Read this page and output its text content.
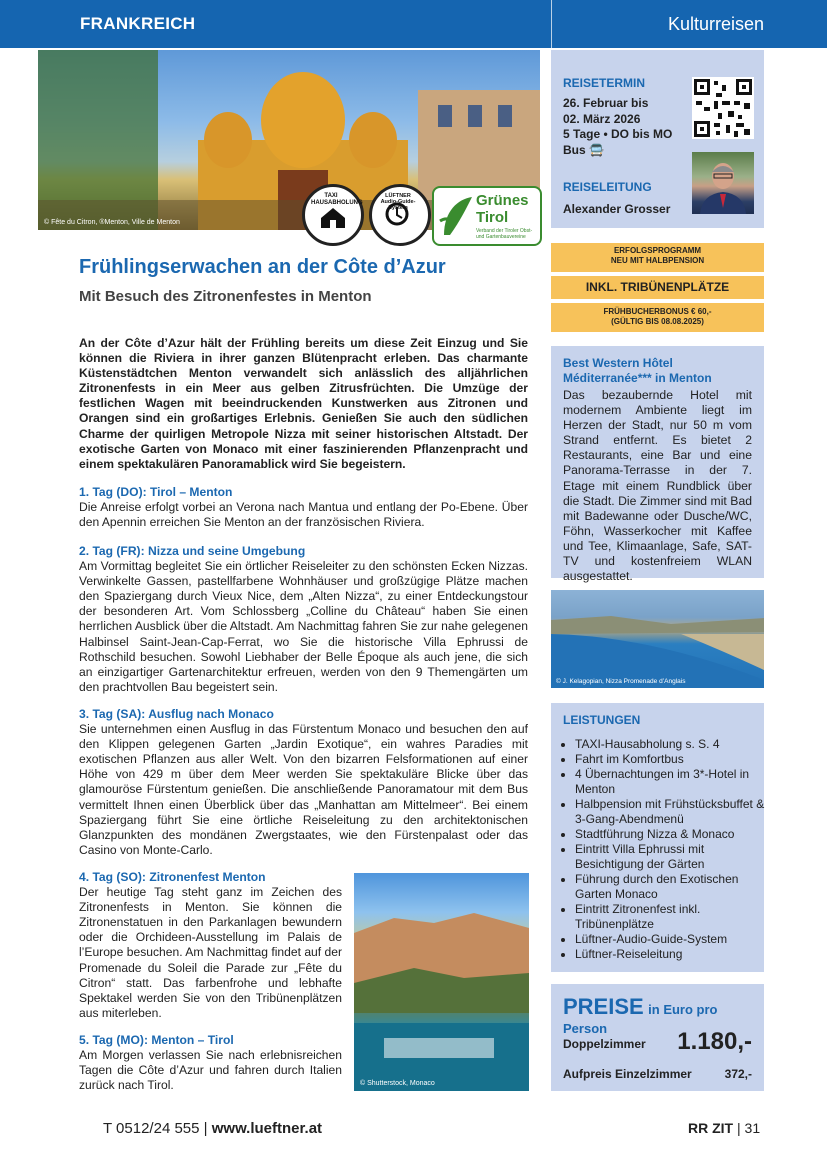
FRANKREICH	Kulturreisen
© Fête du Citron, ®Menton, Ville de Menton
TAXI HAUSABHOLUNG
LÜFTNER Audio-Guide-System	Grünes
Tirol
Verband der Tiroler Obst- und Gartenbauvereine
Frühlingserwachen an der Côte d’Azur
Mit Besuch des Zitronenfestes in Menton
An der Côte d’Azur hält der Frühling bereits um diese Zeit Einzug und Sie können die Riviera in ihrer ganzen Blütenpracht erleben. Das charmante Küstenstädtchen Menton verwandelt sich anlässlich des alljährlichen Zitronenfests in ein Meer aus gelben Zitrusfrüchten. Die Umzüge der festlichen Wagen mit beeindruckenden Kunstwerken aus Zitronen und Orangen sind ein großartiges Erlebnis. Genießen Sie auch den südlichen Charme der quirligen Metropole Nizza mit seiner historischen Altstadt. Der exotische Garten von Monaco mit einer faszinierenden Pflanzenpracht und einem spektakulären Panoramablick wird Sie begeistern.
1. Tag (DO): Tirol – Menton
Die Anreise erfolgt vorbei an Verona nach Mantua und entlang der Po-Ebene. Über den Apennin erreichen Sie Menton an der französischen Riviera.
2. Tag (FR): Nizza und seine Umgebung
Am Vormittag begleitet Sie ein örtlicher Reiseleiter zu den schönsten Ecken Nizzas. Verwinkelte Gassen, pastellfarbene Wohnhäuser und großzügige Plätze machen den Spaziergang durch Vieux Nice, dem „Alten Nizza“, zu einer Entdeckungstour der besonderen Art. Vom Schlossberg „Colline du Château“ haben Sie einen herrlichen Ausblick über die Altstadt. Am Nachmittag fahren Sie zur nahe gelegenen Halbinsel Saint-Jean-Cap-Ferrat, wo Sie die historische Villa Ephrussi de Rothschild besuchen. Sowohl Liebhaber der Belle Époque als auch jene, die sich an einzigartiger Gartenarchitektur erfreuen, werden von den 9 Themengärten um den prachtvollen Bau begeistert sein.
3. Tag (SA): Ausflug nach Monaco
Sie unternehmen einen Ausflug in das Fürstentum Monaco und besuchen den auf den Klippen gelegenen Garten „Jardin Exotique“, ein wahres Paradies mit exotischen Pflanzen aus aller Welt. Von den bizarren Felsformationen auf einer Höhe von 429 m über dem Meer werden Sie spektakuläre Blicke über das glamouröse Fürstentum genießen. Die anschließende Panoramatour mit dem Bus vermittelt Ihnen einen Überblick über das „Manhattan am Mittelmeer“. Bei einem Spaziergang führt Sie eine örtliche Reiseleitung zu den architektonischen Glanzpunkten des mondänen Zwergstaates, wie den Fürstenpalast oder das Casino von Monte-Carlo.
4. Tag (SO): Zitronenfest Menton
Der heutige Tag steht ganz im Zeichen des Zitronenfests in Menton. Sie können die Zitronenstatuen in den Parkanlagen bewundern oder die Orchideen-Ausstellung im Palais de l’Europe besuchen. Am Nachmittag findet auf der Promenade du Soleil die Parade zur „Fête du Citron“ statt. Das farbenfrohe und lebhafte Spektakel werden Sie von den Tribünenplätzen aus miterleben.
5. Tag (MO): Menton – Tirol
Am Morgen verlassen Sie nach erlebnisreichen Tagen die Côte d’Azur und fahren durch Italien zurück nach Tirol.	© Shutterstock, Monaco
REISETERMIN
26. Februar bis
02. März 2026
5 Tage • DO bis MO
Bus 🚍
REISELEITUNG
Alexander Grosser
ERFOLGSPROGRAMM
NEU MIT HALBPENSION
INKL. TRIBÜNENPLÄTZE
FRÜHBUCHERBONUS € 60,-
(GÜLTIG BIS 08.08.2025)
Best Western Hôtel Méditerranée*** in Menton
Das bezaubernde Hotel mit modernem Ambiente liegt im Herzen der Stadt, nur 50 m vom Strand entfernt. Es bietet 2 Restaurants, eine Bar und eine Panorama-Terrasse in der 7. Etage mit einem Rundblick über die Stadt. Die Zimmer sind mit Bad mit Badewanne oder Dusche/WC, Föhn, Wasserkocher mit Kaffee und Tee, Klimaanlage, Safe, SAT-TV und kostenfreiem WLAN ausgestattet.
© J. Kelagopian, Nizza Promenade d’Anglais
LEISTUNGEN
• TAXI-Hausabholung s. S. 4
• Fahrt im Komfortbus
• 4 Übernachtungen im 3*-Hotel in Menton
• Halbpension mit Frühstücksbuffet & 3-Gang-Abendmenü
• Stadtführung Nizza & Monaco
• Eintritt Villa Ephrussi mit Besichtigung der Gärten
• Führung durch den Exotischen Garten Monaco
• Eintritt Zitronenfest inkl. Tribünenplätze
• Lüftner-Audio-Guide-System
• Lüftner-Reiseleitung
PREISE in Euro pro Person
Doppelzimmer 1.180,-
Aufpreis Einzelzimmer	372,-
T 0512/24 555 | www.lueftner.at	RR ZIT | 31
